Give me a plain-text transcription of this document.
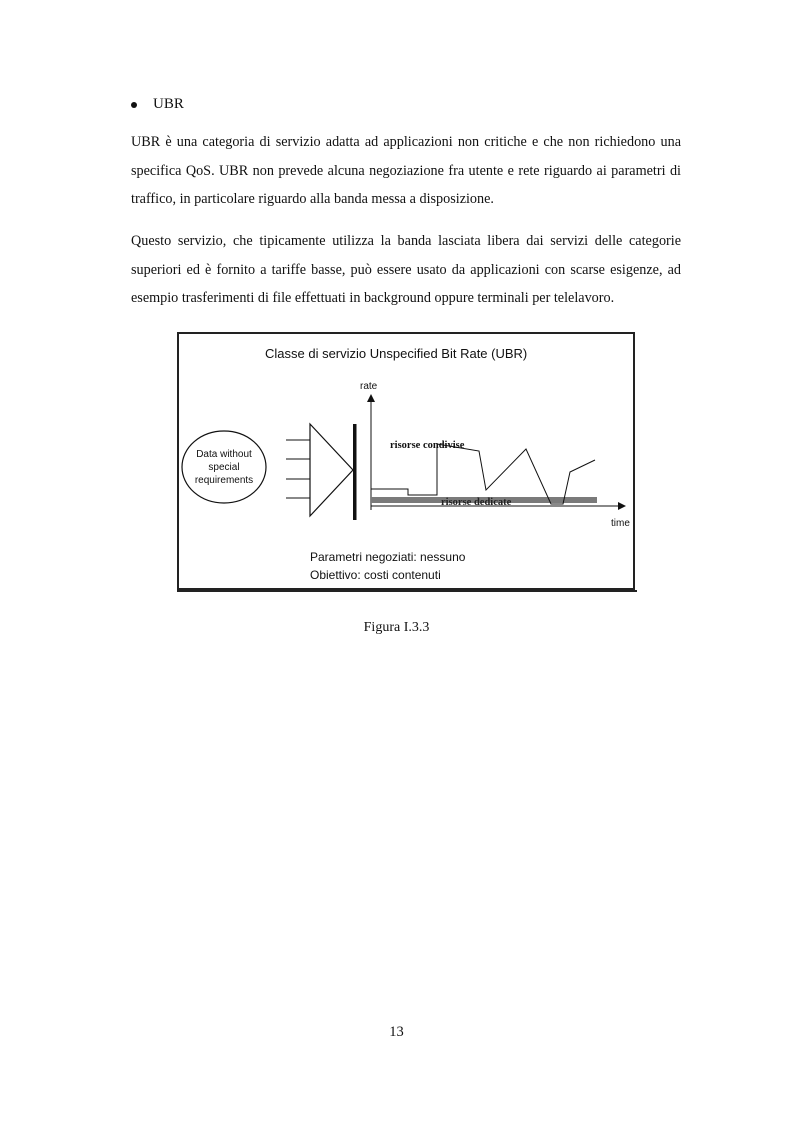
UBR

UBR è una categoria di servizio adatta ad applicazioni non critiche e che non richiedono una specifica QoS. UBR non prevede alcuna negoziazione fra utente e rete riguardo ai parametri di traffico, in particolare riguardo alla banda messa a disposizione.

Questo servizio, che tipicamente utilizza la banda lasciata libera dai servizi delle categorie superiori ed è fornito a tariffe basse, può essere usato da applicazioni con scarse esigenze, ad esempio trasferimenti di file effettuati in background oppure terminali per telelavoro.

Classe di servizio Unspecified Bit Rate (UBR)
Data without
special
requirements
rate
time
risorse dedicate
risorse condivise
Parametri negoziati: nessuno
Obiettivo: costi contenuti
Figura I.3.3
13
